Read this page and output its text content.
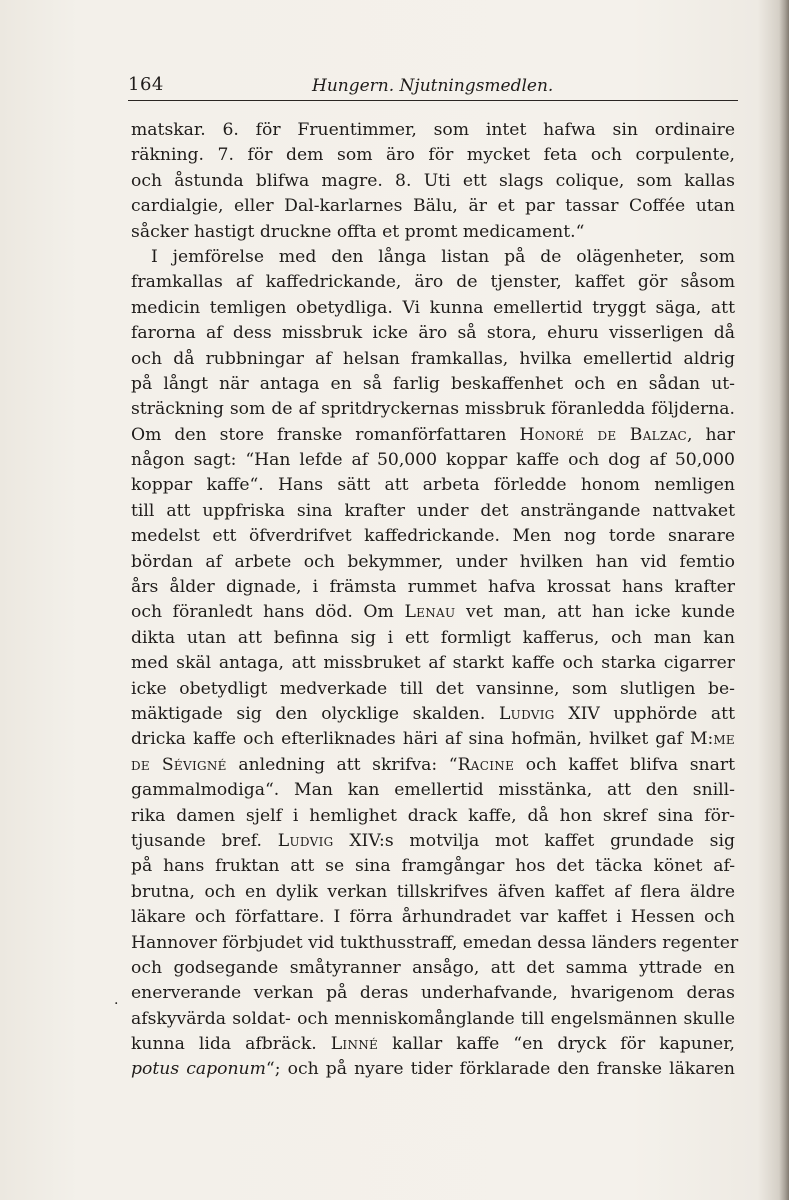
164	Hungern. Njutningsmedlen.
matskar. 6. för Fruentimmer, som intet hafwa sin ordinaire
räkning. 7. för dem som äro för mycket feta och corpulente,
och åstunda blifwa magre. 8. Uti ett slags colique, som kallas
cardialgie, eller Dal-karlarnes Bälu, är et par tassar Coffée utan
såcker hastigt druckne offta et promt medicament.“
I jemförelse med den långa listan på de olägenheter, som
framkallas af kaffedrickande, äro de tjenster, kaffet gör såsom
medicin temligen obetydliga. Vi kunna emellertid tryggt säga, att
farorna af dess missbruk icke äro så stora, ehuru visserligen då
och då rubbningar af helsan framkallas, hvilka emellertid aldrig
på långt när antaga en så farlig beskaffenhet och en sådan ut-
sträckning som de af spritdryckernas missbruk föranledda följderna.
Om den store franske romanförfattaren Honoré de Balzac, har
någon sagt: “Han lefde af 50,000 koppar kaffe och dog af 50,000
koppar kaffe“. Hans sätt att arbeta förledde honom nemligen
till att uppfriska sina krafter under det ansträngande nattvaket
medelst ett öfverdrifvet kaffedrickande. Men nog torde snarare
bördan af arbete och bekymmer, under hvilken han vid femtio
års ålder dignade, i främsta rummet hafva krossat hans krafter
och föranledt hans död. Om Lenau vet man, att han icke kunde
dikta utan att befinna sig i ett formligt kafferus, och man kan
med skäl antaga, att missbruket af starkt kaffe och starka cigarrer
icke obetydligt medverkade till det vansinne, som slutligen be-
mäktigade sig den olycklige skalden. Ludvig XIV upphörde att
dricka kaffe och efterliknades häri af sina hofmän, hvilket gaf M:me
de Sévigné anledning att skrifva: “Racine och kaffet blifva snart
gammalmodiga“. Man kan emellertid misstänka, att den snill-
rika damen sjelf i hemlighet drack kaffe, då hon skref sina för-
tjusande bref. Ludvig XIV:s motvilja mot kaffet grundade sig
på hans fruktan att se sina framgångar hos det täcka könet af-
brutna, och en dylik verkan tillskrifves äfven kaffet af flera äldre
läkare och författare. I förra århundradet var kaffet i Hessen och
Hannover förbjudet vid tukthusstraff, emedan dessa länders regenter
och godsegande småtyranner ansågo, att det samma yttrade en
enerverande verkan på deras underhafvande, hvarigenom deras
afskyvärda soldat- och menniskomånglande till engelsmännen skulle
kunna lida afbräck. Linné kallar kaffe “en dryck för kapuner,
potus caponum“; och på nyare tider förklarade den franske läkaren
.
